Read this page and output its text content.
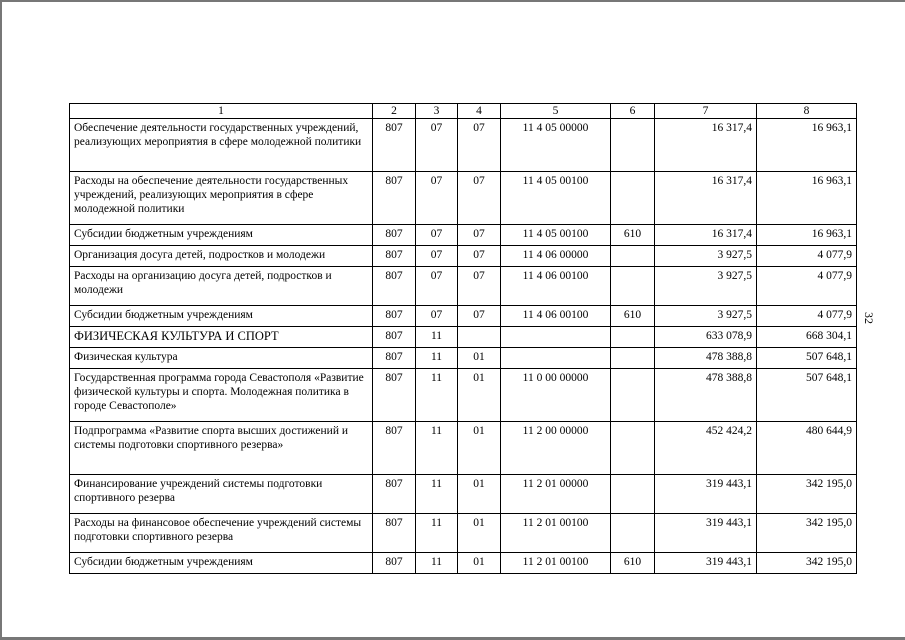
1	2	3	4	5	6	7	8
Обеспечение деятельности государственных учреждений, реализующих мероприятия в сфере молодежной политики	807	07	07	11 4 05 00000		16 317,4	16 963,1
Расходы на обеспечение деятельности государственных учреждений, реализующих мероприятия в сфере молодежной политики	807	07	07	11 4 05 00100		16 317,4	16 963,1
Субсидии бюджетным учреждениям	807	07	07	11 4 05 00100	610	16 317,4	16 963,1
Организация досуга детей, подростков и молодежи	807	07	07	11 4 06 00000		3 927,5	4 077,9
Расходы на организацию досуга детей, подростков и молодежи	807	07	07	11 4 06 00100		3 927,5	4 077,9
Субсидии бюджетным учреждениям	807	07	07	11 4 06 00100	610	3 927,5	4 077,9
ФИЗИЧЕСКАЯ КУЛЬТУРА И СПОРТ	807	11				633 078,9	668 304,1
Физическая культура	807	11	01			478 388,8	507 648,1
Государственная программа города Севастополя «Развитие физической культуры и спорта. Молодежная политика в городе Севастополе»	807	11	01	11 0 00 00000		478 388,8	507 648,1
Подпрограмма «Развитие спорта высших достижений и системы подготовки спортивного резерва»	807	11	01	11 2 00 00000		452 424,2	480 644,9
Финансирование учреждений системы подготовки спортивного резерва	807	11	01	11 2 01 00000		319 443,1	342 195,0
Расходы на финансовое обеспечение учреждений системы подготовки спортивного резерва	807	11	01	11 2 01 00100		319 443,1	342 195,0
Субсидии бюджетным учреждениям	807	11	01	11 2 01 00100	610	319 443,1	342 195,0
32
